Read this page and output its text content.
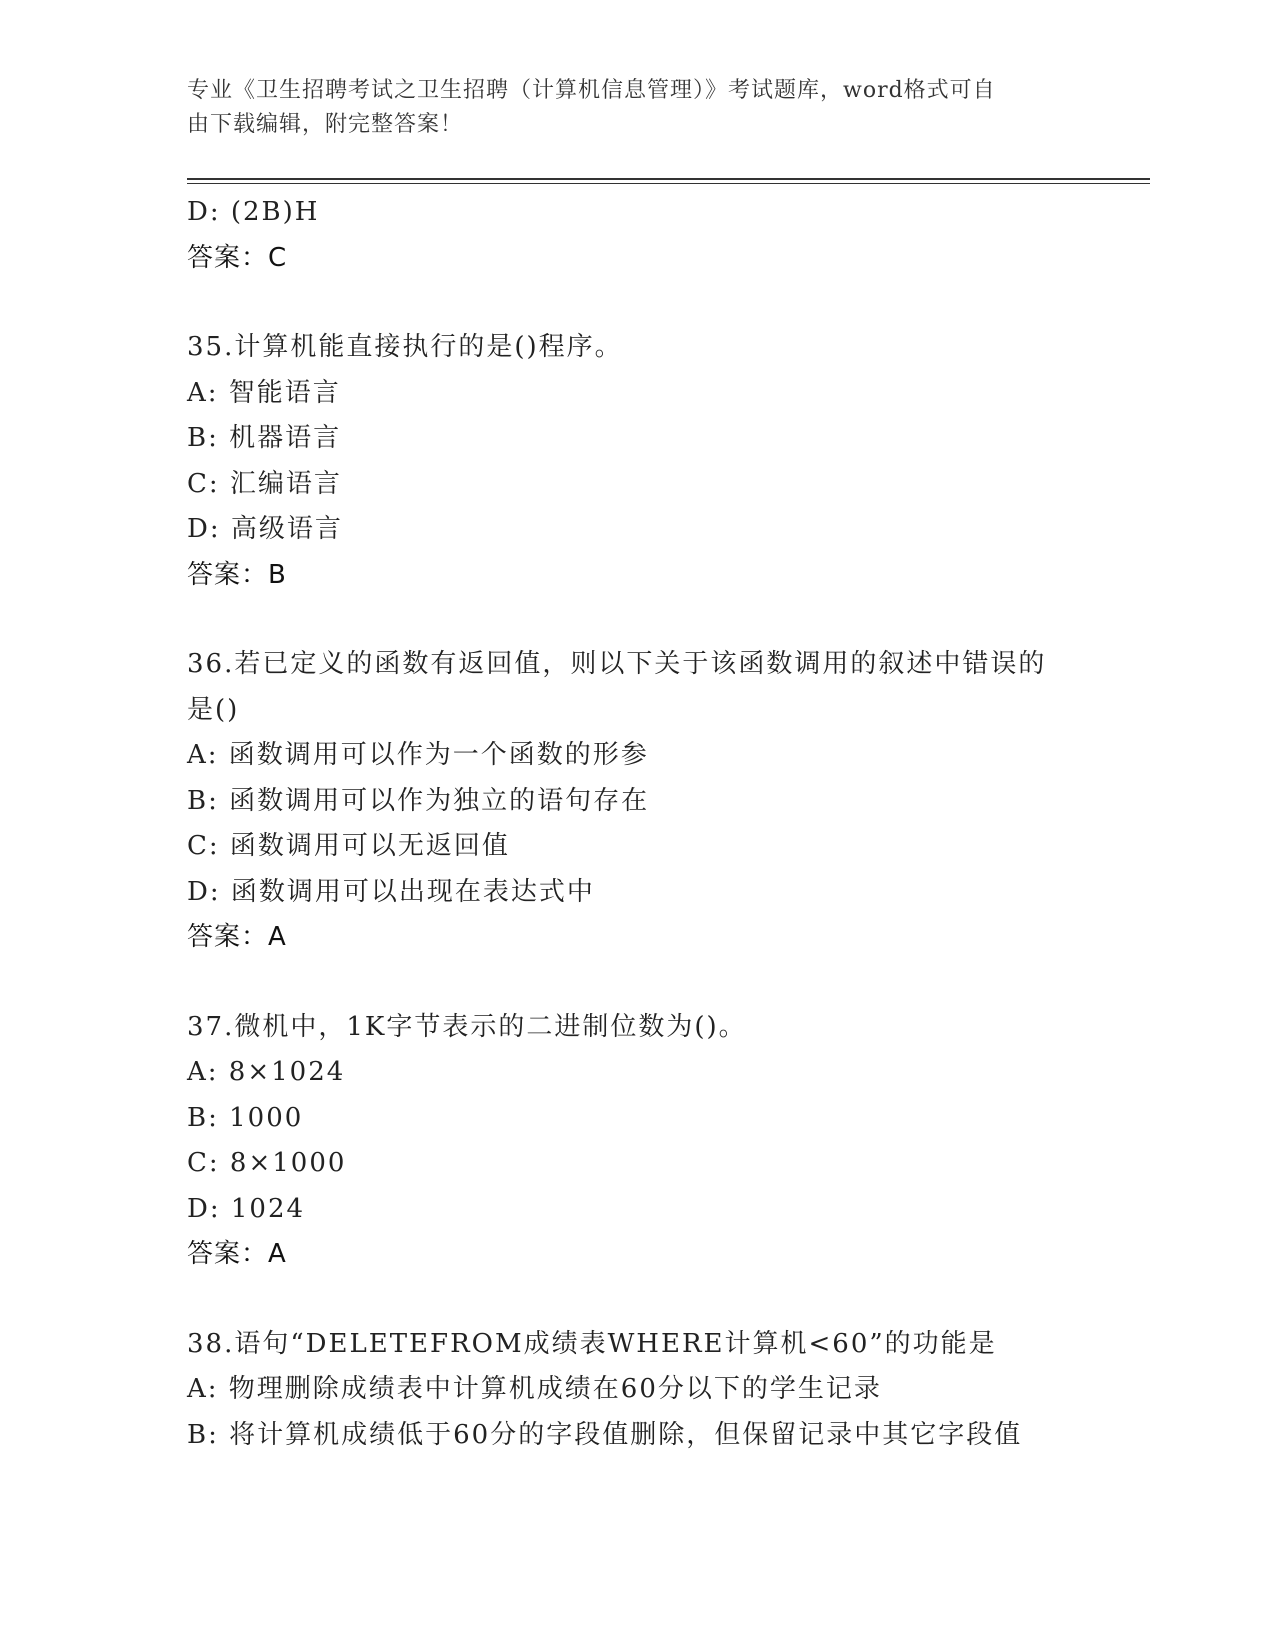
专业《卫生招聘考试之卫生招聘（计算机信息管理）》考试题库，word格式可自
由下载编辑，附完整答案！
D: (2B)H
答案：C
35.计算机能直接执行的是()程序。
A: 智能语言
B: 机器语言
C: 汇编语言
D: 高级语言
答案：B
36.若已定义的函数有返回值，则以下关于该函数调用的叙述中错误的
是()
A: 函数调用可以作为一个函数的形参
B: 函数调用可以作为独立的语句存在
C: 函数调用可以无返回值
D: 函数调用可以出现在表达式中
答案：A
37.微机中，1K字节表示的二进制位数为()。
A: 8×1024
B: 1000
C: 8×1000
D: 1024
答案：A
38.语句“DELETEFROM成绩表WHERE计算机<60”的功能是
A: 物理删除成绩表中计算机成绩在60分以下的学生记录
B: 将计算机成绩低于60分的字段值删除，但保留记录中其它字段值
